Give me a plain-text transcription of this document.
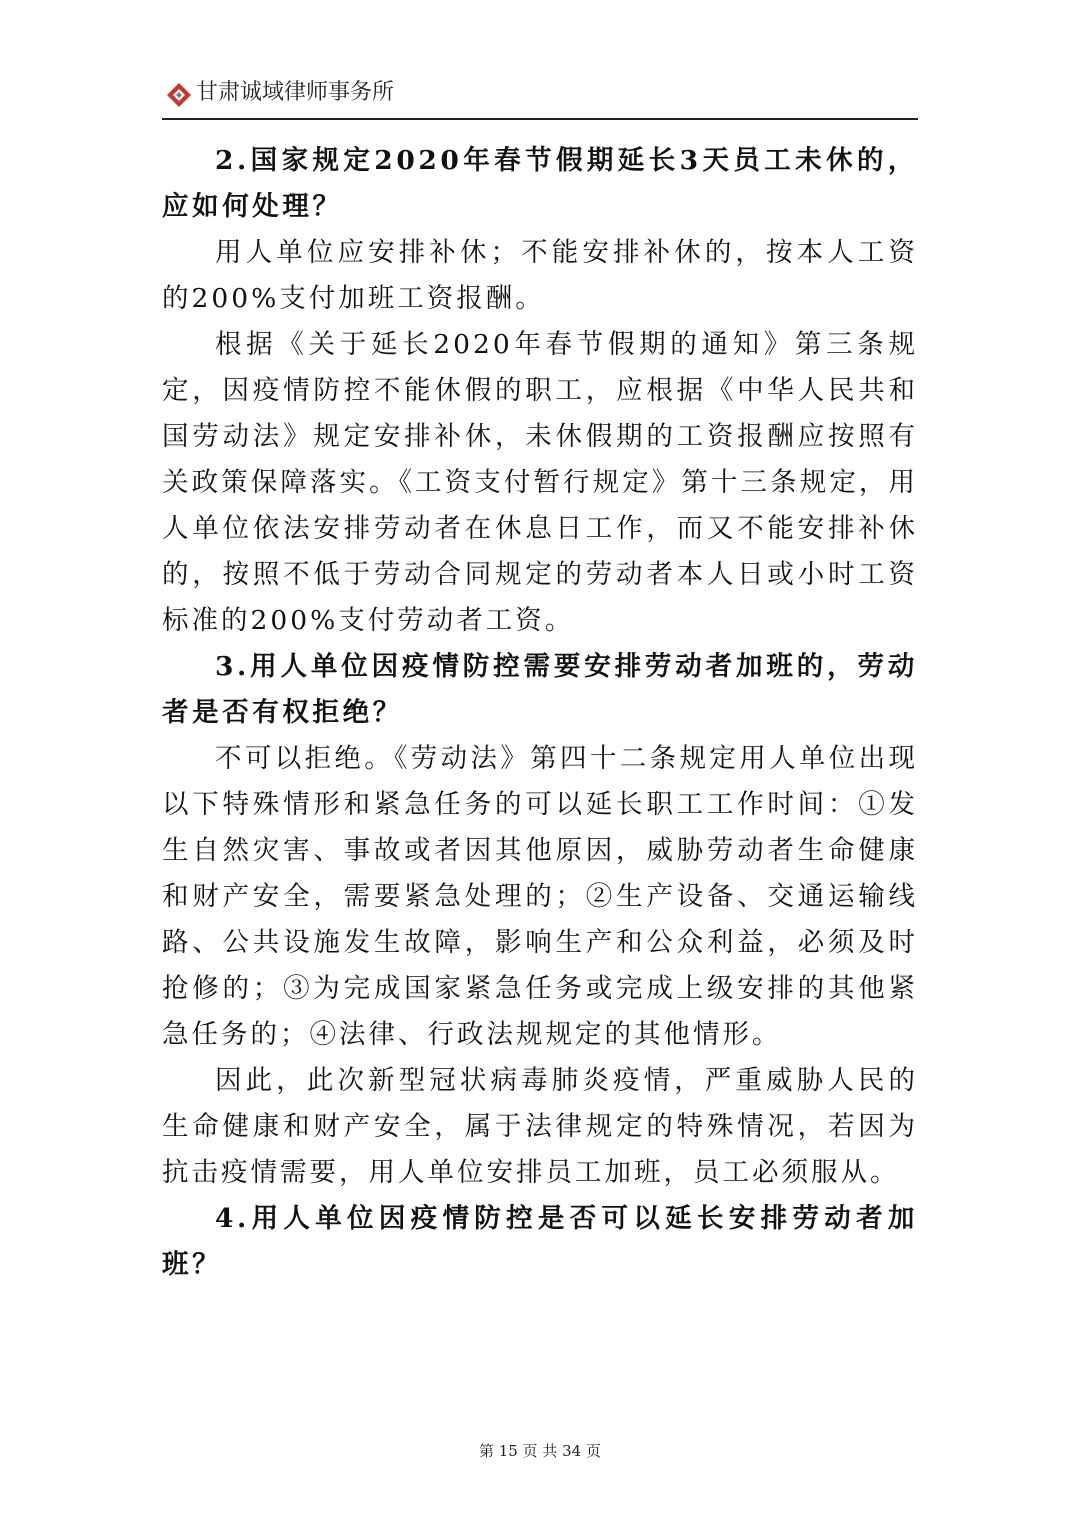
甘肃诚域律师事务所

2.国家规定2020年春节假期延长3天员工未休的，应如何处理？

用人单位应安排补休；不能安排补休的，按本人工资的200%支付加班工资报酬。

根据《关于延长2020年春节假期的通知》第三条规定，因疫情防控不能休假的职工，应根据《中华人民共和国劳动法》规定安排补休，未休假期的工资报酬应按照有关政策保障落实。《工资支付暂行规定》第十三条规定，用人单位依法安排劳动者在休息日工作，而又不能安排补休的，按照不低于劳动合同规定的劳动者本人日或小时工资标准的200%支付劳动者工资。

3.用人单位因疫情防控需要安排劳动者加班的，劳动者是否有权拒绝？

不可以拒绝。《劳动法》第四十二条规定用人单位出现以下特殊情形和紧急任务的可以延长职工工作时间：①发生自然灾害、事故或者因其他原因，威胁劳动者生命健康和财产安全，需要紧急处理的；②生产设备、交通运输线路、公共设施发生故障，影响生产和公众利益，必须及时抢修的；③为完成国家紧急任务或完成上级安排的其他紧急任务的；④法律、行政法规规定的其他情形。

因此，此次新型冠状病毒肺炎疫情，严重威胁人民的生命健康和财产安全，属于法律规定的特殊情况，若因为抗击疫情需要，用人单位安排员工加班，员工必须服从。

4.用人单位因疫情防控是否可以延长安排劳动者加班？

第 15 页 共 34 页
